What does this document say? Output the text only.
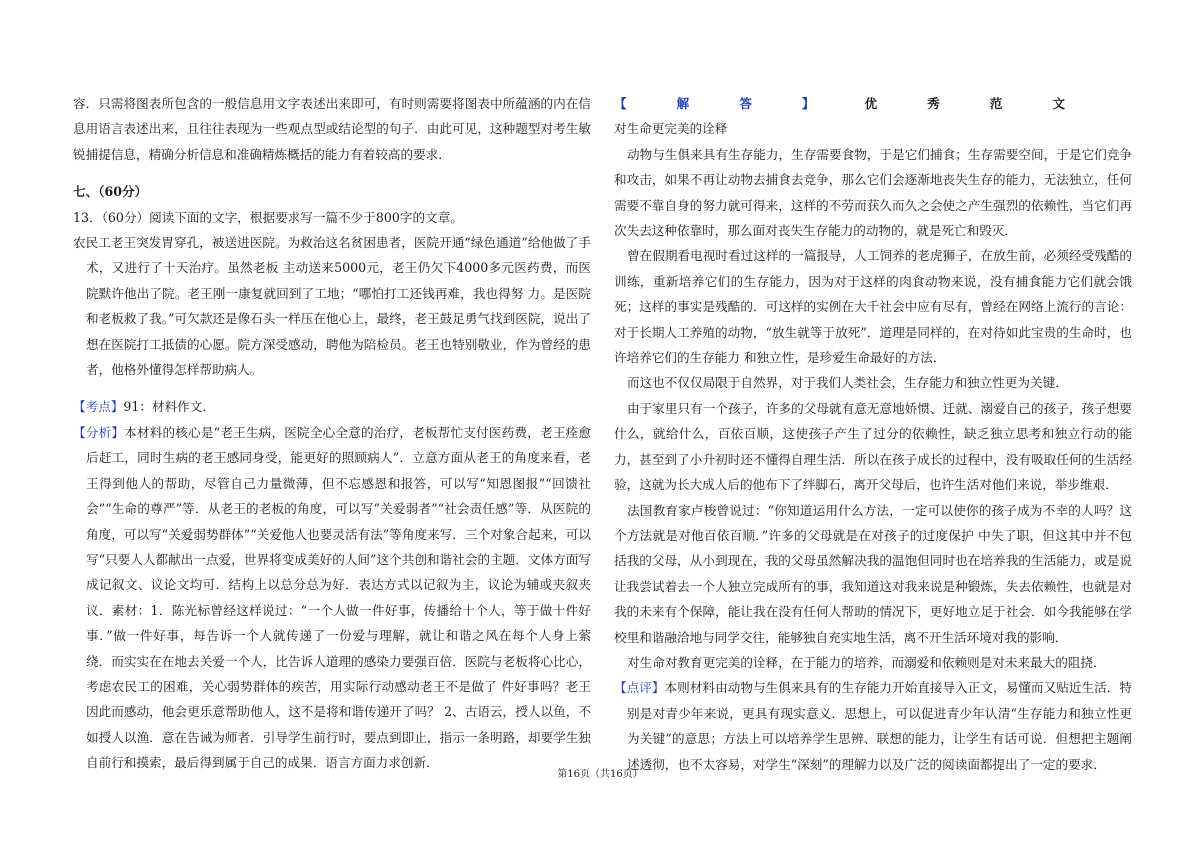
容．只需将图表所包含的一般信息用文字表述出来即可，有时则需要将图表中所蕴涵的内在信息用语言表述出来，且往往表现为一些观点型或结论型的句子．由此可见，这种题型对考生敏锐捕提信息，精确分析信息和准确精炼概括的能力有着较高的要求．

七、（60分）

13．（60分）阅读下面的文字，根据要求写一篇不少于800字的文章。

农民工老王突发胃穿孔，被送进医院。为救治这名贫困患者，医院开通“绿色通道”给他做了手术，又进行了十天治疗。虽然老板 主动送来5000元，老王仍欠下4000多元医药费，而医院默许他出了院。老王刚一康复就回到了工地；“哪怕打工还钱再难，我也得努 力。是医院和老板救了我。”可欠款还是像石头一样压在他心上，最终，老王鼓足勇气找到医院，说出了想在医院打工抵债的心愿。院方深受感动，聘他为陪检员。老王也特别敬业，作为曾经的患者，他格外懂得怎样帮助病人。

【考点】91：材料作文．

【分析】本材料的核心是“老王生病，医院全心全意的治疗，老板帮忙支付医药费，老王痊愈后赶工，同时生病的老王感同身受，能更好的照顾病人”．立意方面从老王的角度来看，老王得到他人的帮助，尽管自己力量微薄，但不忘感恩和报答，可以写“知恩图报”“回馈社会”“生命的尊严”等．从老王的老板的角度，可以写“关爱弱者”“社会责任感”等．从医院的角度，可以写“关爱弱势群体”“关爱他人也要灵活有法”等角度来写．三个对象合起来，可以写“只要人人都献出一点爱，世界将变成美好的人间”这个共创和谐社会的主题．文体方面写成记叙文、议论文均可．结构上以总分总为好．表达方式以记叙为主，议论为辅或夹叙夹议．素材：1．陈光标曾经这样说过：“一个人做一件好事，传播给十个人，等于做十件好事．”做一件好事，每告诉一个人就传递了一份爱与理解，就让和谐之风在每个人身上萦 绕．而实实在在地去关爱一个人，比告诉人道理的感染力要强百倍．医院与老板将心比心，考虑农民工的困难，关心弱势群体的疾苦，用实际行动感动老王不是做了 件好事吗？老王因此而感动，他会更乐意帮助他人，这不是将和谐传递开了吗？ 2、古语云，授人以鱼，不如授人以渔．意在告诫为师者．引导学生前行时，要点到即止，指示一条明路，却要学生独自前行和摸索，最后得到属于自己的成果．语言方面力求创新．

【	解	答	】	优	秀	范	文

对生命更完美的诠释

动物与生俱来具有生存能力，生存需要食物，于是它们捕食；生存需要空间，于是它们竞争和攻击，如果不再让动物去捕食去竞争，那么它们会逐渐地丧失生存的能力，无法独立，任何需要不靠自身的努力就可得来，这样的不劳而获久而久之会使之产生强烈的依赖性，当它们再次失去这种依靠时，那么面对丧失生存能力的动物的，就是死亡和毁灭．

曾在假期看电视时看过这样的一篇报导，人工饲养的老虎狮子，在放生前，必须经受残酷的训练，重新培养它们的生存能力，因为对于这样的肉食动物来说，没有捕食能力它们就会饿死；这样的事实是残酷的．可这样的实例在大千社会中应有尽有，曾经在网络上流行的言论：对于长期人工养殖的动物，“放生就等于放死”．道理是同样的，在对待如此宝贵的生命时，也许培养它们的生存能力 和独立性，是珍爱生命最好的方法．

而这也不仅仅局限于自然界，对于我们人类社会，生存能力和独立性更为关键．

由于家里只有一个孩子，许多的父母就有意无意地娇惯、迁就、溺爱自己的孩子，孩子想要什么，就给什么，百依百顺，这使孩子产生了过分的依赖性，缺乏独立思考和独立行动的能力，甚至到了小升初时还不懂得自理生活．所以在孩子成长的过程中，没有吸取任何的生活经验，这就为长大成人后的他布下了绊脚石，离开父母后，也许生活对他们来说，举步维艰．

法国教育家卢梭曾说过：“你知道运用什么方法，一定可以使你的孩子成为不幸的人吗？这个方法就是对他百依百顺．”许多的父母就是在对孩子的过度保护 中失了职，但这其中并不包括我的父母，从小到现在，我的父母虽然解决我的温饱但同时也在培养我的生活能力，或是说让我尝试着去一个人独立完成所有的事，我知道这对我来说是种锻炼，失去依赖性，也就是对我的未来有个保障，能让我在没有任何人帮助的情况下，更好地立足于社会．如今我能够在学校里和谐融洽地与同学交往，能够独自充实地生活，离不开生活环境对我的影响．

对生命对教育更完美的诠释，在于能力的培养，而溺爱和依赖则是对未来最大的阻挠．

【点评】本则材料由动物与生俱来具有的生存能力开始直接导入正文，易懂而又贴近生活．特别是对青少年来说，更具有现实意义．思想上，可以促进青少年认清“生存能力和独立性更为关键”的意思；方法上可以培养学生思辨、联想的能力，让学生有话可说．但想把主题阐述透彻，也不太容易，对学生“深刻”的理解力以及广泛的阅读面都提出了一定的要求．

第16页（共16页）
